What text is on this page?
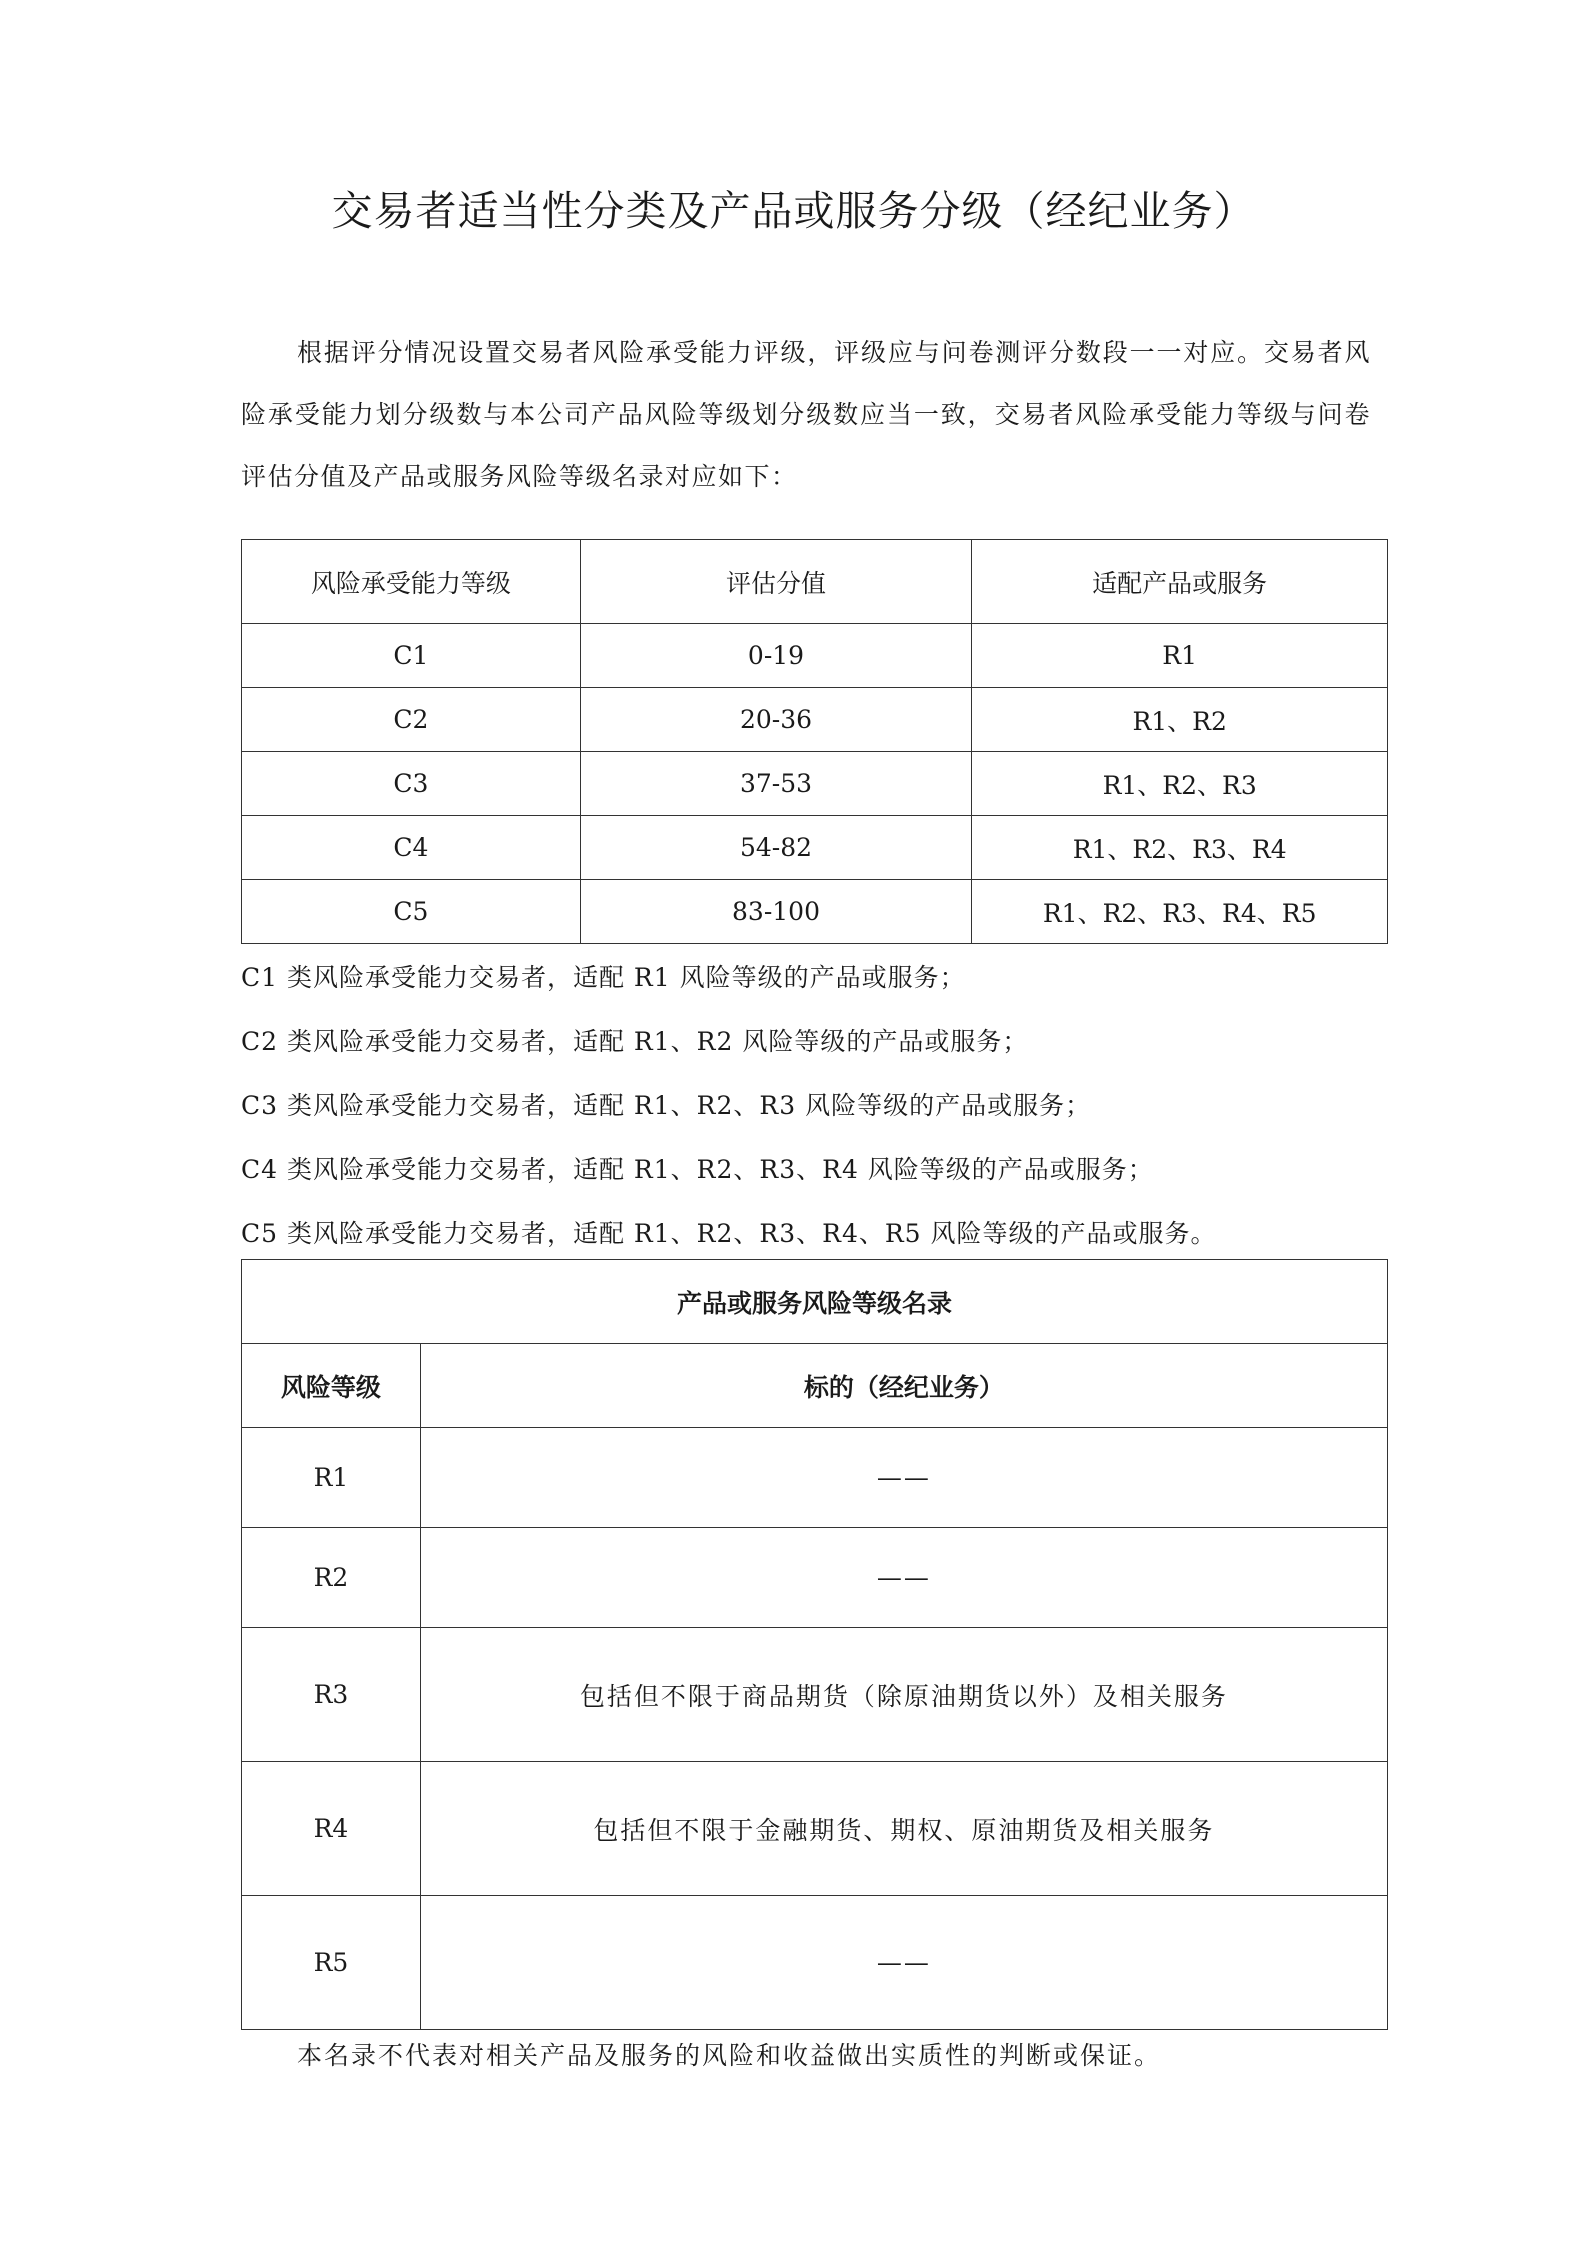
交易者适当性分类及产品或服务分级（经纪业务）

根据评分情况设置交易者风险承受能力评级，评级应与问卷测评分数段一一对应。交易者风险承受能力划分级数与本公司产品风险等级划分级数应当一致，交易者风险承受能力等级与问卷评估分值及产品或服务风险等级名录对应如下：

风险承受能力等级	评估分值	适配产品或服务
C1	0-19	R1
C2	20-36	R1、R2
C3	37-53	R1、R2、R3
C4	54-82	R1、R2、R3、R4
C5	83-100	R1、R2、R3、R4、R5
C1 类风险承受能力交易者，适配 R1 风险等级的产品或服务；
C2 类风险承受能力交易者，适配 R1、R2 风险等级的产品或服务；
C3 类风险承受能力交易者，适配 R1、R2、R3 风险等级的产品或服务；
C4 类风险承受能力交易者，适配 R1、R2、R3、R4 风险等级的产品或服务；
C5 类风险承受能力交易者，适配 R1、R2、R3、R4、R5 风险等级的产品或服务。
产品或服务风险等级名录	
风险等级	标的（经纪业务）
R1	——
R2	——
R3	包括但不限于商品期货（除原油期货以外）及相关服务
R4	包括但不限于金融期货、期权、原油期货及相关服务
R5	——

本名录不代表对相关产品及服务的风险和收益做出实质性的判断或保证。
